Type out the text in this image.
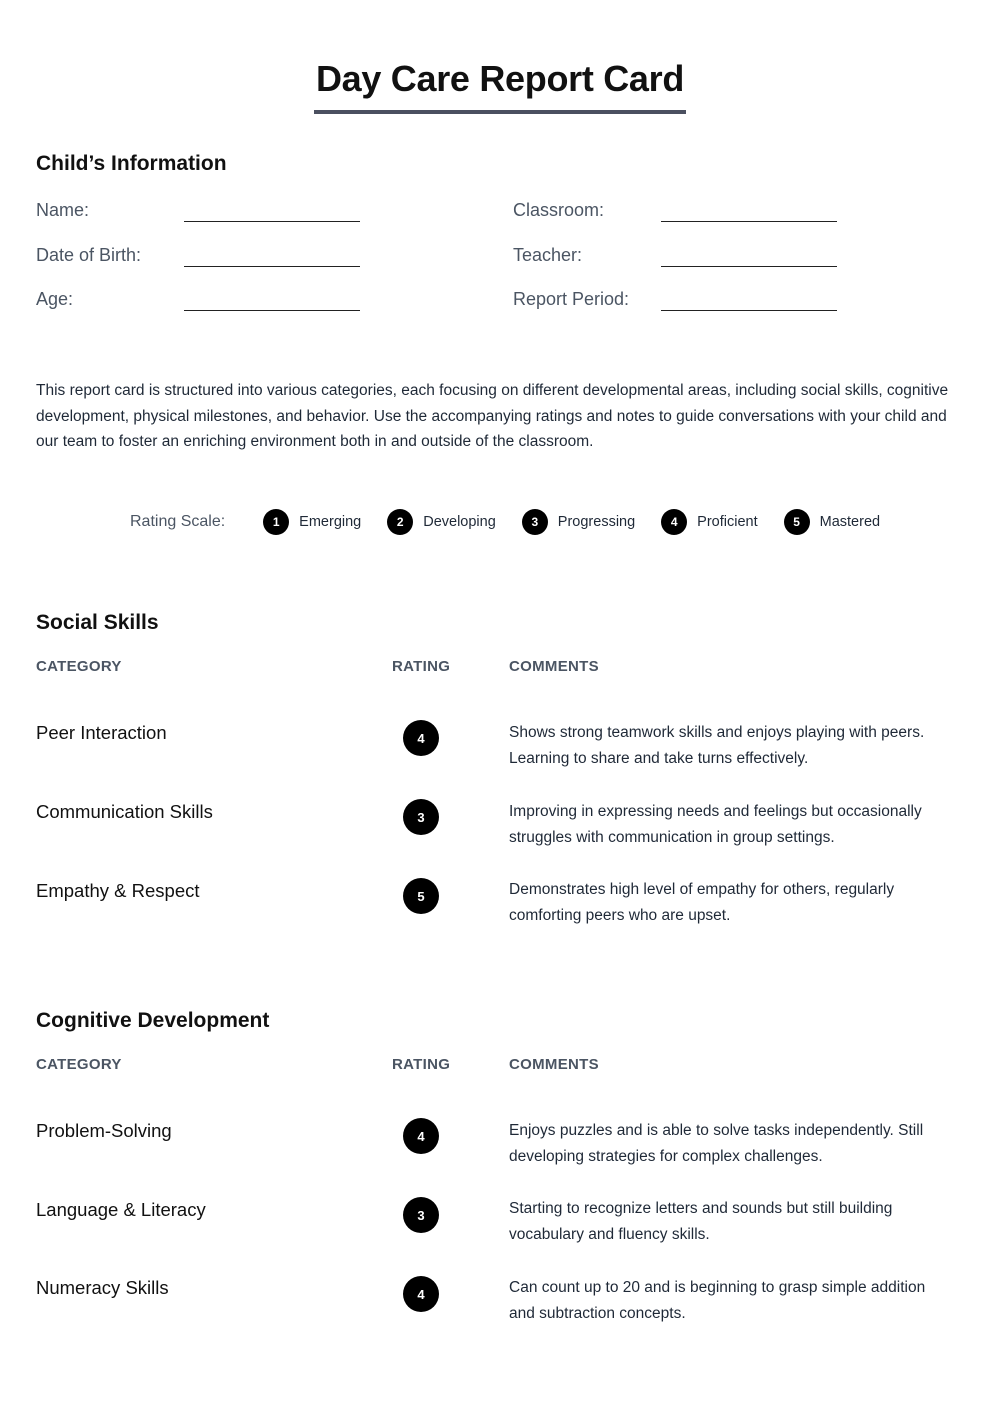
Day Care Report Card
Child’s Information
Name:
Date of Birth:
Age:
Classroom:
Teacher:
Report Period:

This report card is structured into various categories, each focusing on different developmental areas, including social skills, cognitive development, physical milestones, and behavior. Use the accompanying ratings and notes to guide conversations with your child and our team to foster an enriching environment both in and outside of the classroom.

Rating Scale:	1	Emerging	2	Developing	3	Progressing	4	Proficient	5	Mastered
Social Skills
CATEGORY	RATING	COMMENTS
Peer Interaction	4	Shows strong teamwork skills and enjoys playing with peers. Learning to share and take turns effectively.
Communication Skills	3	Improving in expressing needs and feelings but occasionally struggles with communication in group settings.
Empathy & Respect	5	Demonstrates high level of empathy for others, regularly comforting peers who are upset.
Cognitive Development
CATEGORY	RATING	COMMENTS
Problem-Solving	4	Enjoys puzzles and is able to solve tasks independently. Still developing strategies for complex challenges.
Language & Literacy	3	Starting to recognize letters and sounds but still building vocabulary and fluency skills.
Numeracy Skills	4	Can count up to 20 and is beginning to grasp simple addition and subtraction concepts.
